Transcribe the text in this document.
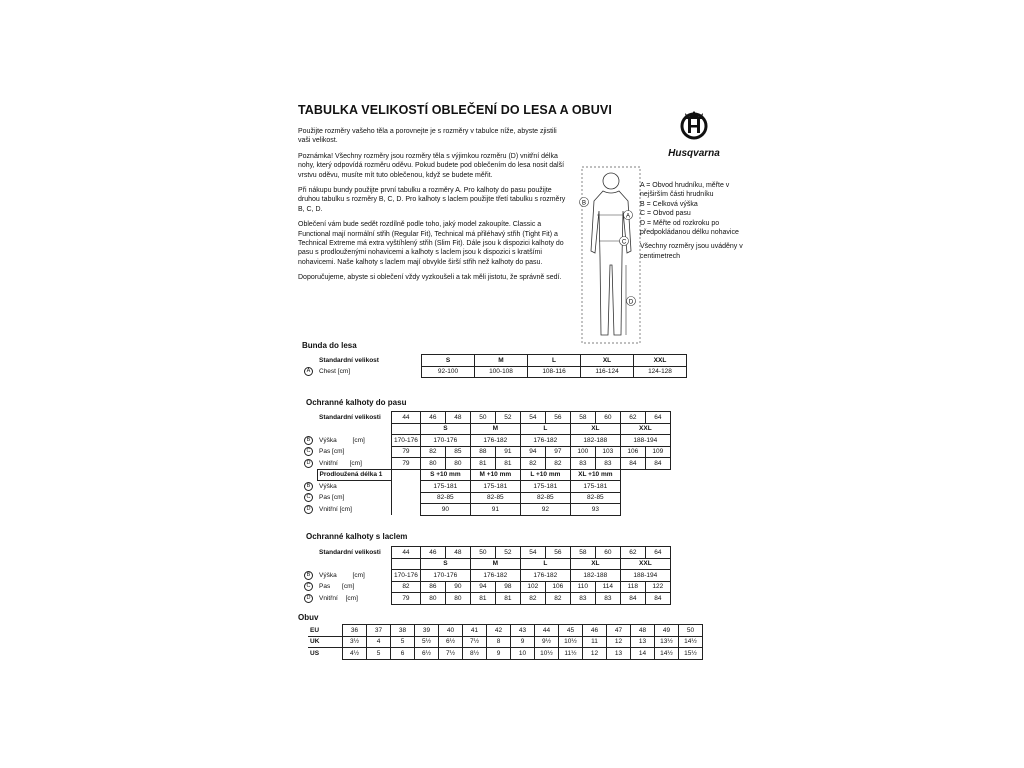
TABULKA VELIKOSTÍ OBLEČENÍ DO LESA A OBUVI

Použijte rozměry vašeho těla a porovnejte je s rozměry v tabulce níže, abyste zjistili vaši velikost.

Poznámka! Všechny rozměry jsou rozměry těla s výjimkou rozměru (D) vnitřní délka nohy, který odpovídá rozměru oděvu. Pokud budete pod oblečením do lesa nosit další vrstvu oděvu, musíte mít tuto oblečenou, když se budete měřit.

Při nákupu bundy použijte první tabulku a rozměry A. Pro kalhoty do pasu použijte druhou tabulku s rozměry B, C, D. Pro kalhoty s laclem použijte třetí tabulku s rozměry B, C, D.

Oblečení vám bude sedět rozdílně podle toho, jaký model zakoupíte. Classic a Functional mají normální střih (Regular Fit), Technical má přiléhavý střih (Tight Fit) a Technical Extreme má extra vyštíhlený střih (Slim Fit). Dále jsou k dispozici kalhoty do pasu s prodlouženými nohavicemi a kalhoty s laclem jsou k dispozici s kratšími nohavicemi. Naše kalhoty s laclem mají obvykle širší střih než kalhoty do pasu.

Doporučujeme, abyste si oblečení vždy vyzkoušeli a tak měli jistotu, že správně sedí.

Husqvarna
B
A
C
D
A = Obvod hrudníku, měřte v nejširším části hrudníku
B = Celková výška
C = Obvod pasu
D = Měřte od rozkroku po předpokládanou délku nohavice
Všechny rozměry jsou uváděny v centimetrech
Bunda do lesa
	Standardní velikost	S	M	L	XL	XXL
A	Chest [cm]	92-100	100-108	108-116	116-124	124-128
Ochranné kalhoty do pasu
	Standardní velikosti	44	46	48	50	52	54	56	58	60	62	64
			S		M		L		XL		XXL	
B	Výška [cm]	170-176	170-176		176-182		176-182		182-188		188-194	
C	Pas [cm]	79	82	85	88	91	94	97	100	103	106	109
D	Vnitřní [cm]	79	80	80	81	81	82	82	83	83	84	84
	Prodloužená délka 1		S +10 mm		M +10 mm		L +10 mm		XL +10 mm			
B	Výška		175-181		175-181		175-181		175-181			
C	Pas [cm]		82-85		82-85		82-85		82-85			
D	Vnitřní [cm]		90		91		92		93			
Ochranné kalhoty s laclem
	Standardní velikosti	44	46	48	50	52	54	56	58	60	62	64
			S		M		L		XL		XXL	
B	Výška [cm]	170-176	170-176		176-182		176-182		182-188		188-194	
C	Pas [cm]	82	86	90	94	98	102	106	110	114	118	122
D	Vnitřní [cm]	79	80	80	81	81	82	82	83	83	84	84
Obuv
EU	36	37	38	39	40	41	42	43	44	45	46	47	48	49	50
UK	3½	4	5	5½	6½	7½	8	9	9½	10½	11	12	13	13½	14½
US	4½	5	6	6½	7½	8½	9	10	10½	11½	12	13	14	14½	15½
